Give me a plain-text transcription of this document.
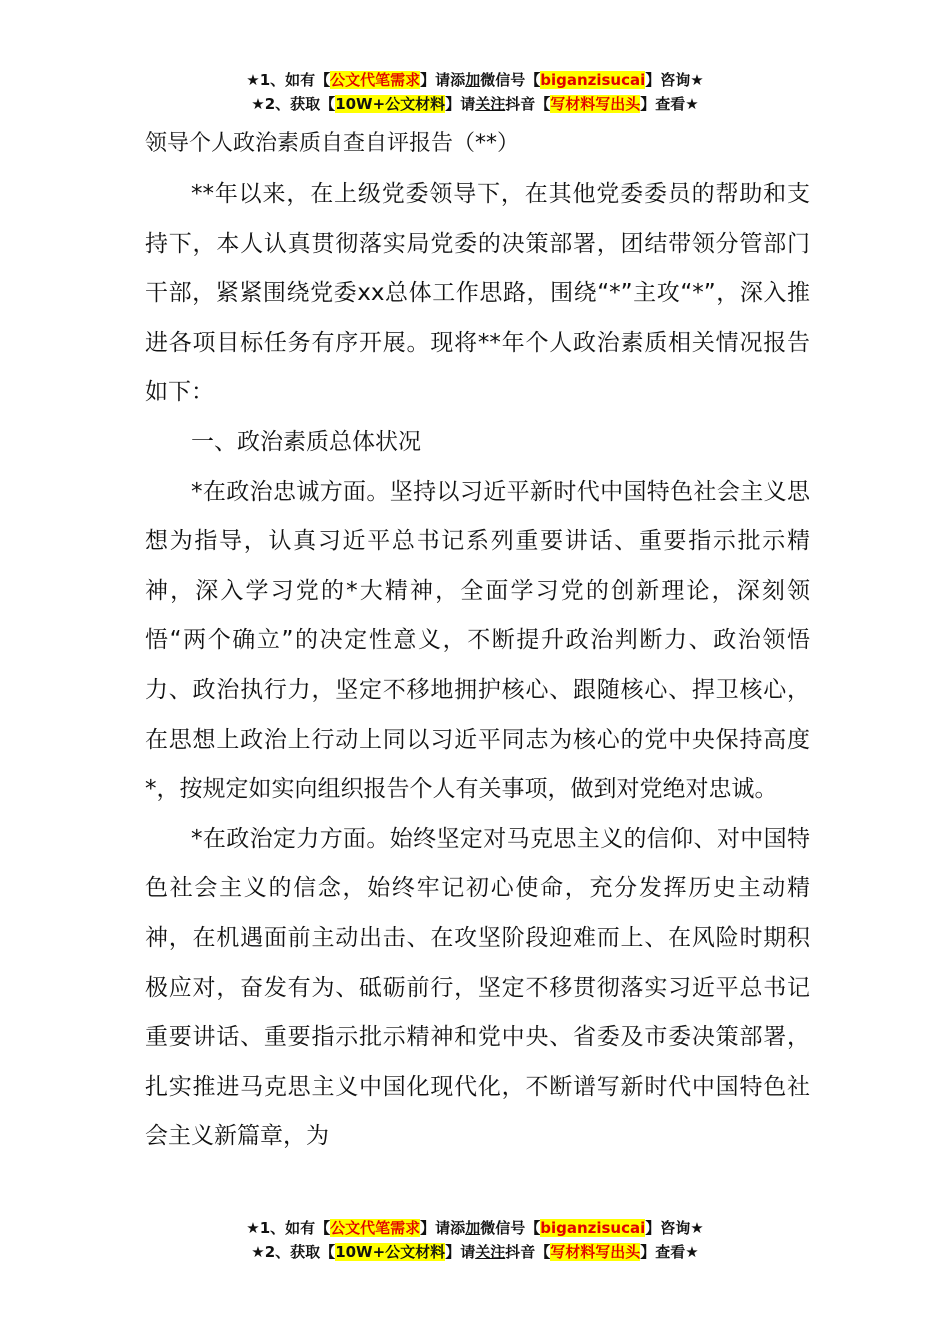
★1、如有【公文代笔需求】请添加微信号【biganzisucai】咨询★
★2、获取【10W+公文材料】请关注抖音【写材料写出头】查看★
领导个人政治素质自查自评报告（**）

**年以来，在上级党委领导下，在其他党委委员的帮助和支持下，本人认真贯彻落实局党委的决策部署，团结带领分管部门干部，紧紧围绕党委xx总体工作思路，围绕“*”主攻“*”，深入推进各项目标任务有序开展。现将**年个人政治素质相关情况报告如下：

一、政治素质总体状况

*在政治忠诚方面。坚持以习近平新时代中国特色社会主义思想为指导，认真习近平总书记系列重要讲话、重要指示批示精神，深入学习党的*大精神，全面学习党的创新理论，深刻领悟“两个确立”的决定性意义，不断提升政治判断力、政治领悟力、政治执行力，坚定不移地拥护核心、跟随核心、捍卫核心，在思想上政治上行动上同以习近平同志为核心的党中央保持高度*，按规定如实向组织报告个人有关事项，做到对党绝对忠诚。

*在政治定力方面。始终坚定对马克思主义的信仰、对中国特色社会主义的信念，始终牢记初心使命，充分发挥历史主动精神，在机遇面前主动出击、在攻坚阶段迎难而上、在风险时期积极应对，奋发有为、砥砺前行，坚定不移贯彻落实习近平总书记重要讲话、重要指示批示精神和党中央、省委及市委决策部署，扎实推进马克思主义中国化现代化，不断谱写新时代中国特色社会主义新篇章，为

★1、如有【公文代笔需求】请添加微信号【biganzisucai】咨询★
★2、获取【10W+公文材料】请关注抖音【写材料写出头】查看★
